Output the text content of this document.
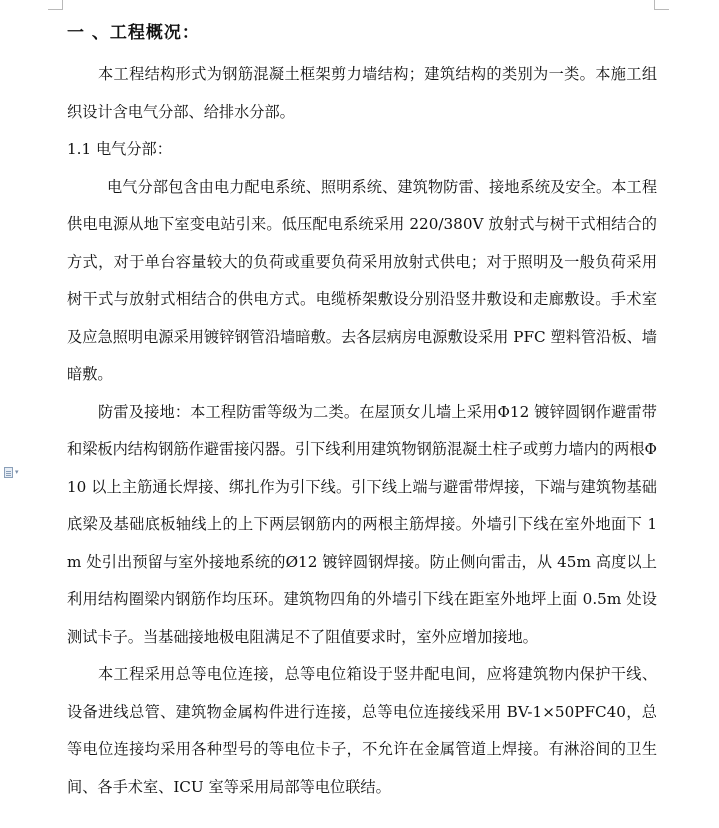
▾
一 、工程概况：

本工程结构形式为钢筋混凝土框架剪力墙结构；建筑结构的类别为一类。本施工组织设计含电气分部、给排水分部。

1.1 电气分部：

电气分部包含由电力配电系统、照明系统、建筑物防雷、接地系统及安全。本工程供电电源从地下室变电站引来。低压配电系统采用 220/380V 放射式与树干式相结合的方式，对于单台容量较大的负荷或重要负荷采用放射式供电；对于照明及一般负荷采用树干式与放射式相结合的供电方式。电缆桥架敷设分别沿竖井敷设和走廊敷设。手术室及应急照明电源采用镀锌钢管沿墙暗敷。去各层病房电源敷设采用 PFC 塑料管沿板、墙暗敷。

防雷及接地：本工程防雷等级为二类。在屋顶女儿墙上采用Φ12 镀锌圆钢作避雷带和梁板内结构钢筋作避雷接闪器。引下线利用建筑物钢筋混凝土柱子或剪力墙内的两根Φ10 以上主筋通长焊接、绑扎作为引下线。引下线上端与避雷带焊接，下端与建筑物基础底梁及基础底板轴线上的上下两层钢筋内的两根主筋焊接。外墙引下线在室外地面下 1m 处引出预留与室外接地系统的Ø12 镀锌圆钢焊接。防止侧向雷击，从 45m 高度以上利用结构圈梁内钢筋作均压环。建筑物四角的外墙引下线在距室外地坪上面 0.5m 处设测试卡子。当基础接地极电阻满足不了阻值要求时，室外应增加接地。

本工程采用总等电位连接，总等电位箱设于竖井配电间，应将建筑物内保护干线、设备进线总管、建筑物金属构件进行连接，总等电位连接线采用 BV-1×50PFC40，总等电位连接均采用各种型号的等电位卡子，不允许在金属管道上焊接。有淋浴间的卫生间、各手术室、ICU 室等采用局部等电位联结。
